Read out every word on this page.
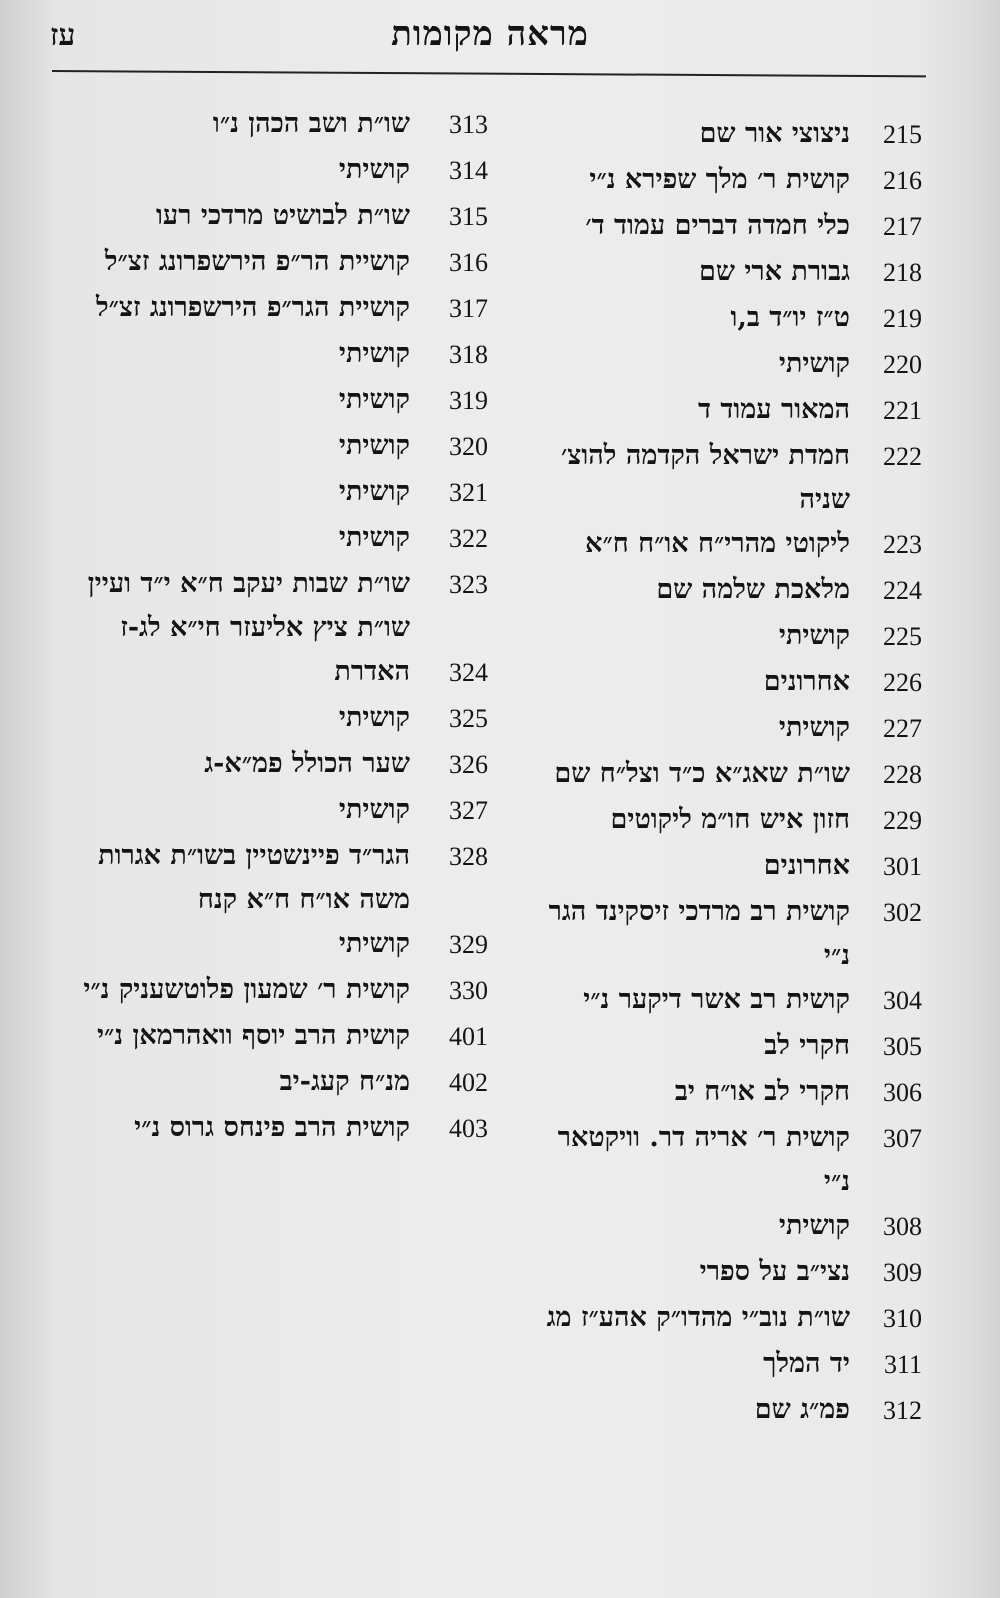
מראה מקומות
עז
215
ניצוצי אור שם
216
קושית ר׳ מלך שפירא נ״י
217
כלי חמדה דברים עמוד ד׳
218
גבורת ארי שם
219
ט״ז יו״ד ב,ו
220
קושיתי
221
המאור עמוד ד
222
חמדת ישראל הקדמה להוצ׳ שניה
223
ליקוטי מהרי״ח או״ח ח״א
224
מלאכת שלמה שם
225
קושיתי
226
אחרונים
227
קושיתי
228
שו״ת שאג״א כ״ד וצל״ח שם
229
חזון איש חו״מ ליקוטים
301
אחרונים
302
קושית רב מרדכי זיסקינד הגר נ״י
304
קושית רב אשר דיקער נ״י
305
חקרי לב
306
חקרי לב או״ח יב
307
קושית ר׳ אריה דר. וויקטאר נ״י
308
קושיתי
309
נצי״ב על ספרי
310
שו״ת נוב״י מהדו״ק אהע״ז מג
311
יד המלך
312
פמ״ג שם
313
שו״ת ושב הכהן נ״ו
314
קושיתי
315
שו״ת לבושיט מרדכי רעו
316
קושיית הר״פ הירשפרונג זצ״ל
317
קושיית הגר״פ הירשפרונג זצ״ל
318
קושיתי
319
קושיתי
320
קושיתי
321
קושיתי
322
קושיתי
323
שו״ת שבות יעקב ח״א י״ד ועיין שו״ת ציץ אליעזר חי״א לג-ז
324
האדרת
325
קושיתי
326
שער הכולל פמ״א-ג
327
קושיתי
328
הגר״ד פיינשטיין בשו״ת אגרות משה או״ח ח״א קנח
329
קושיתי
330
קושית ר׳ שמעון פלוטשעניק נ״י
401
קושית הרב יוסף וואהרמאן נ״י
402
מנ״ח קעג-יב
403
קושית הרב פינחס גרוס נ״י
